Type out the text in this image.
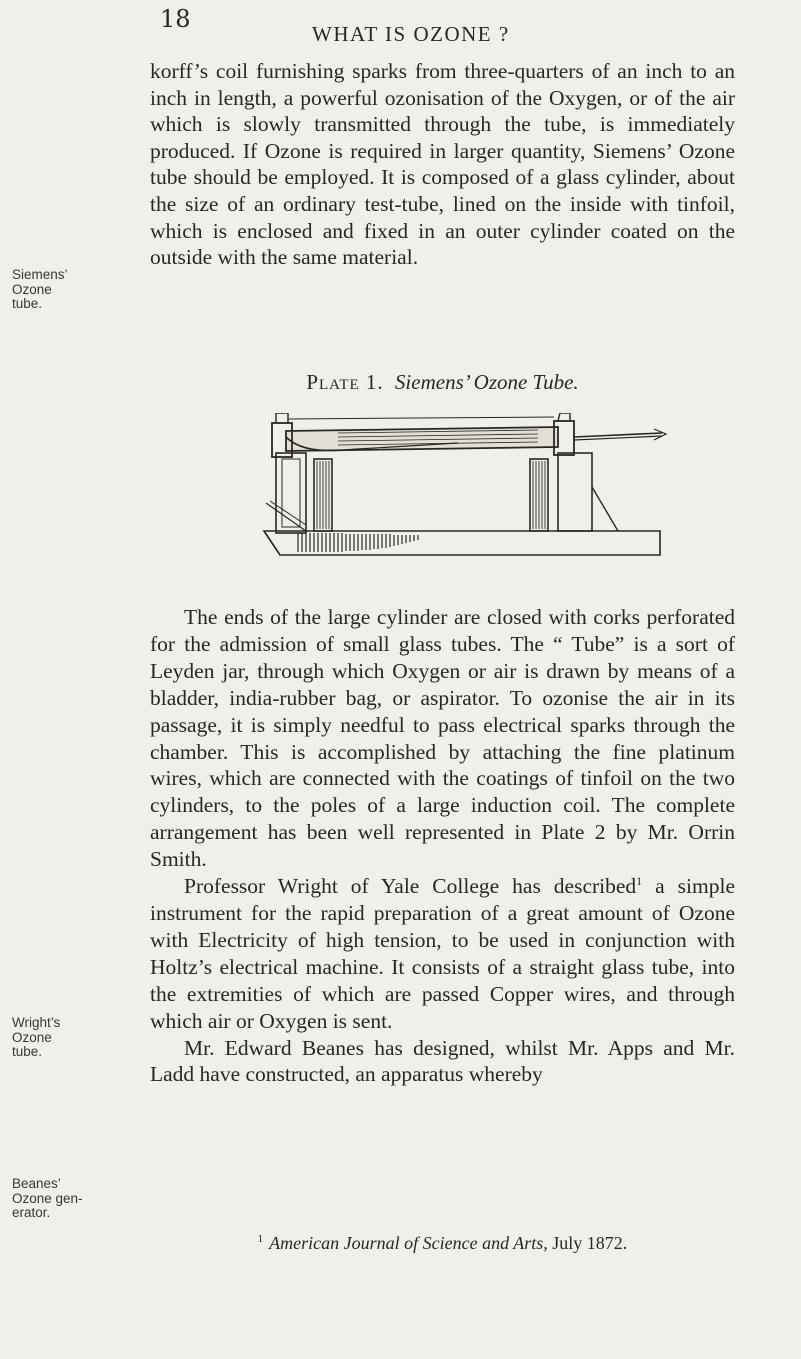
18
WHAT IS OZONE ?
Siemens’
Ozone
tube.
Wright’s
Ozone
tube.
Beanes’
Ozone gen-
erator.

korff’s coil furnishing sparks from three-quarters of an inch to an inch in length, a powerful ozonisation of the Oxygen, or of the air which is slowly transmitted through the tube, is immediately produced. If Ozone is required in larger quantity, Siemens’ Ozone tube should be employed. It is composed of a glass cylinder, about the size of an ordinary test-tube, lined on the inside with tinfoil, which is enclosed and fixed in an outer cylinder coated on the outside with the same material.

Plate 1. Siemens’ Ozone Tube.

The ends of the large cylinder are closed with corks perforated for the admission of small glass tubes. The “ Tube” is a sort of Leyden jar, through which Oxygen or air is drawn by means of a bladder, india-rubber bag, or aspirator. To ozonise the air in its passage, it is simply needful to pass electrical sparks through the chamber. This is accomplished by attaching the fine platinum wires, which are connected with the coatings of tinfoil on the two cylinders, to the poles of a large induction coil. The complete arrangement has been well represented in Plate 2 by Mr. Orrin Smith.

Professor Wright of Yale College has described$^1$ a simple instrument for the rapid preparation of a great amount of Ozone with Electricity of high tension, to be used in conjunction with Holtz’s electrical machine. It consists of a straight glass tube, into the extremities of which are passed Copper wires, and through which air or Oxygen is sent.

Mr. Edward Beanes has designed, whilst Mr. Apps and Mr. Ladd have constructed, an apparatus whereby

$^1$ American Journal of Science and Arts, July 1872.
